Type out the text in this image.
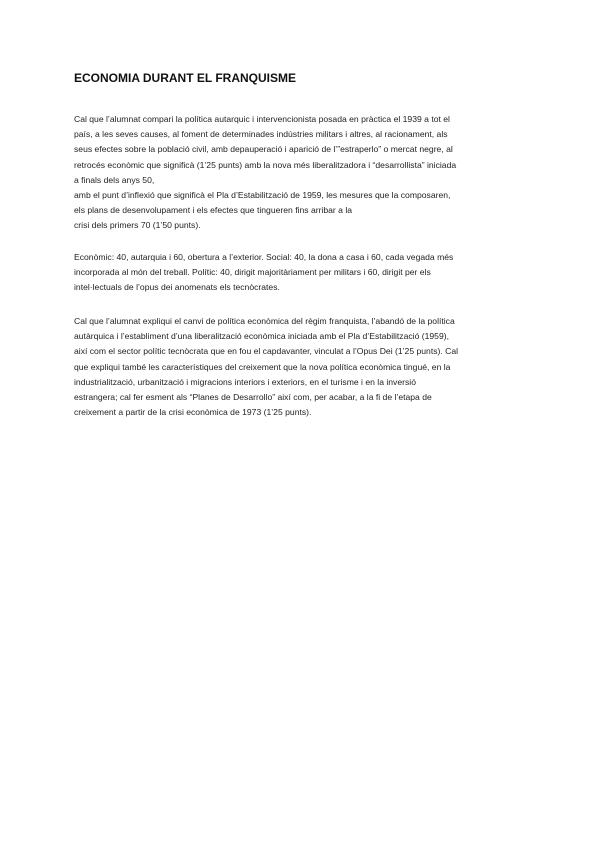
ECONOMIA DURANT EL FRANQUISME
Cal que l’alumnat compari la política autarquic i intervencionista posada en pràctica el 1939 a tot el
país, a les seves causes, al foment de determinades indústries militars i altres, al racionament, als
seus efectes sobre la població civil, amb depauperació i aparició de l’”estraperlo” o mercat negre, al
retrocés econòmic que significà (1’25 punts) amb la nova més liberalitzadora i “desarrollista” iniciada
a finals dels anys 50,
amb el punt d’inflexió que significà el Pla d’Estabilització de 1959, les mesures que la composaren,
els plans de desenvolupament i els efectes que tingueren fins arribar a la
crisi dels primers 70 (1’50 punts).
Econòmic: 40, autarquia i 60, obertura a l’exterior. Social: 40, la dona a casa i 60, cada vegada més
incorporada al món del treball. Polític: 40, dirigit majoritàriament per militars i 60, dirigit per els
intel·lectuals de l’opus dei anomenats els tecnòcrates.
Cal que l’alumnat expliqui el canvi de política econòmica del règim franquista, l’abandó de la política
autàrquica i l’establiment d’una liberalització econòmica iniciada amb el Pla d’Estabilització (1959),
així com el sector polític tecnòcrata que en fou el capdavanter, vinculat a l’Opus Dei (1’25 punts). Cal
que expliqui també les característiques del creixement que la nova política econòmica tingué, en la
industrialització, urbanització i migracions interiors i exteriors, en el turisme i en la inversió
estrangera; cal fer esment als “Planes de Desarrollo” així com, per acabar, a la fi de l’etapa de
creixement a partir de la crisi econòmica de 1973 (1’25 punts).
